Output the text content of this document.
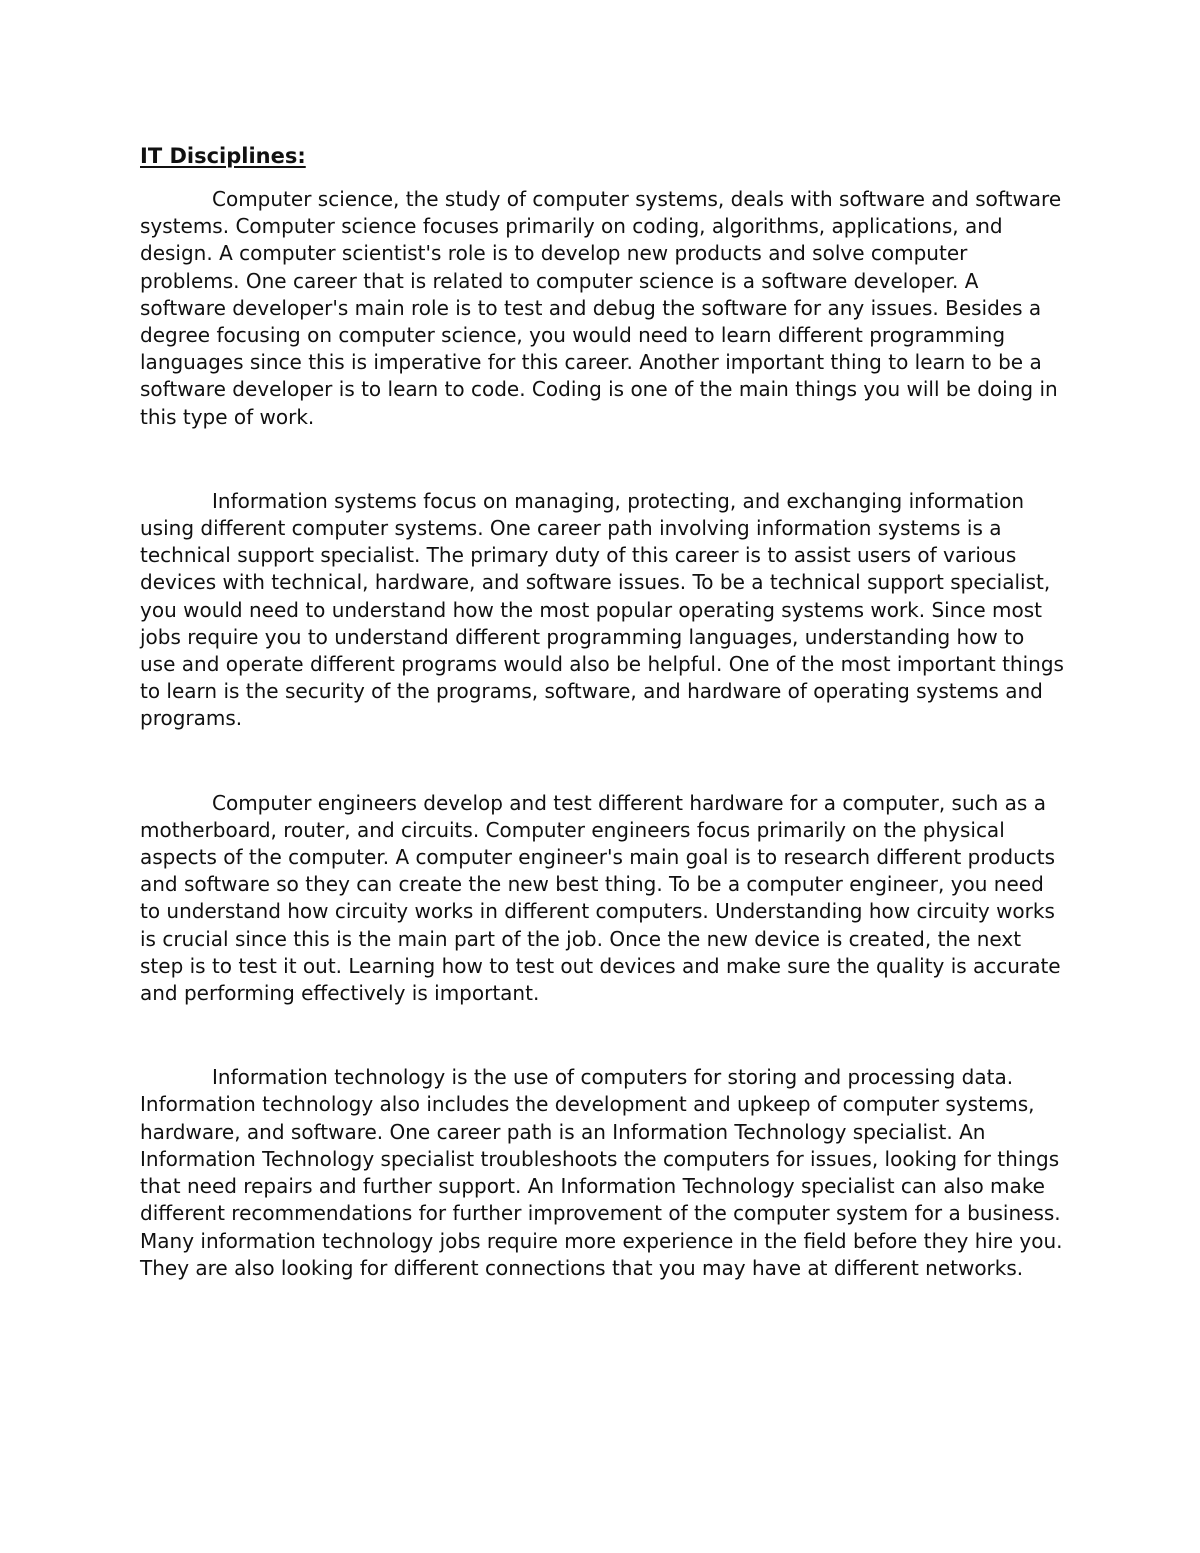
IT Disciplines:

Computer science, the study of computer systems, deals with software and software systems. Computer science focuses primarily on coding, algorithms, applications, and design. A computer scientist's role is to develop new products and solve computer problems. One career that is related to computer science is a software developer. A software developer's main role is to test and debug the software for any issues. Besides a degree focusing on computer science, you would need to learn different programming languages since this is imperative for this career. Another important thing to learn to be a software developer is to learn to code. Coding is one of the main things you will be doing in this type of work.

Information systems focus on managing, protecting, and exchanging information using different computer systems. One career path involving information systems is a technical support specialist. The primary duty of this career is to assist users of various devices with technical, hardware, and software issues. To be a technical support specialist, you would need to understand how the most popular operating systems work. Since most jobs require you to understand different programming languages, understanding how to use and operate different programs would also be helpful. One of the most important things to learn is the security of the programs, software, and hardware of operating systems and programs.

Computer engineers develop and test different hardware for a computer, such as a motherboard, router, and circuits. Computer engineers focus primarily on the physical aspects of the computer. A computer engineer's main goal is to research different products and software so they can create the new best thing. To be a computer engineer, you need to understand how circuity works in different computers. Understanding how circuity works is crucial since this is the main part of the job. Once the new device is created, the next step is to test it out. Learning how to test out devices and make sure the quality is accurate and performing effectively is important.

Information technology is the use of computers for storing and processing data. Information technology also includes the development and upkeep of computer systems, hardware, and software. One career path is an Information Technology specialist. An Information Technology specialist troubleshoots the computers for issues, looking for things that need repairs and further support. An Information Technology specialist can also make different recommendations for further improvement of the computer system for a business. Many information technology jobs require more experience in the field before they hire you. They are also looking for different connections that you may have at different networks.
